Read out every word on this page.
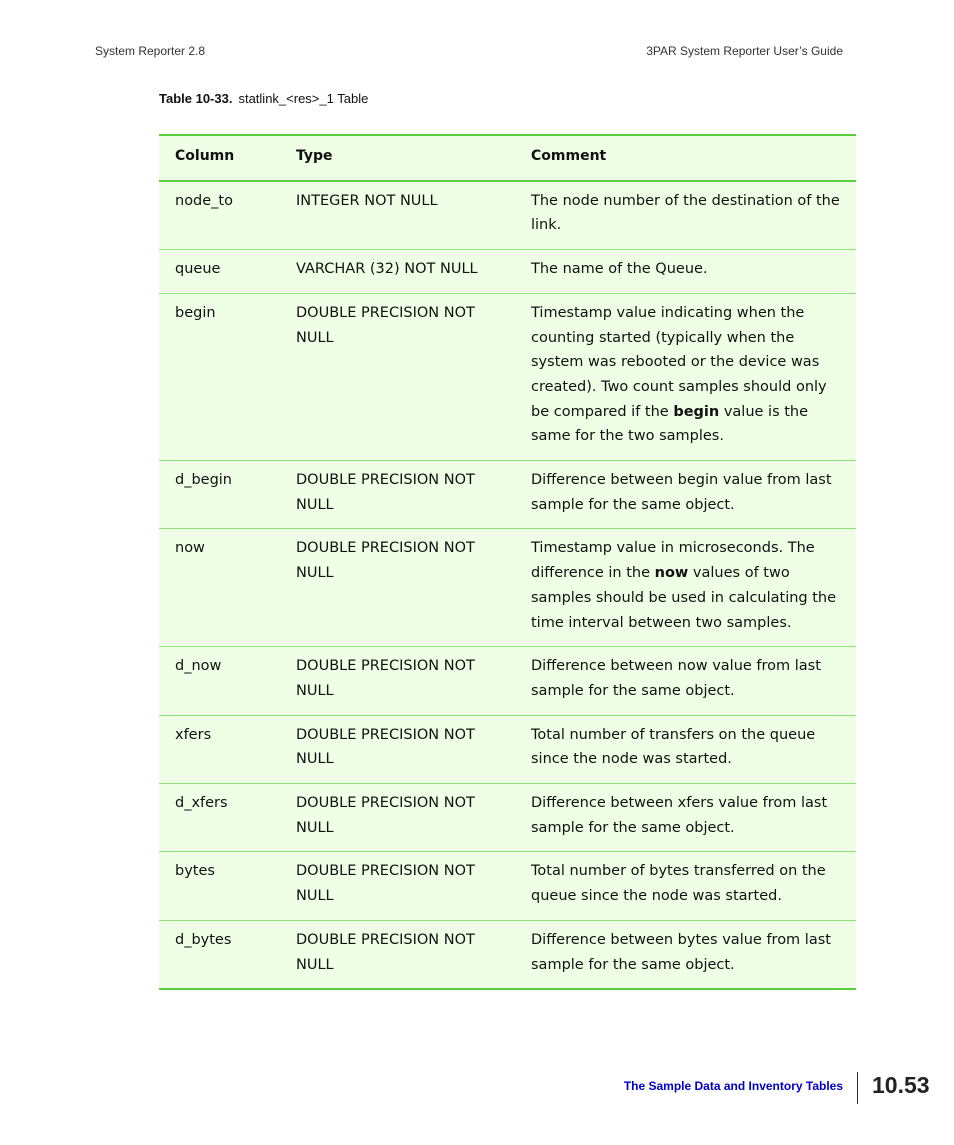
System Reporter 2.8	3PAR System Reporter User’s Guide
Table 10-33. statlink_<res>_1 Table
Column	Type	Comment
node_to	INTEGER NOT NULL	The node number of the destination of the link.
queue	VARCHAR (32) NOT NULL	The name of the Queue.
begin	DOUBLE PRECISION NOT NULL	Timestamp value indicating when the counting started (typically when the system was rebooted or the device was created). Two count samples should only be compared if the begin value is the same for the two samples.
d_begin	DOUBLE PRECISION NOT NULL	Difference between begin value from last sample for the same object.
now	DOUBLE PRECISION NOT NULL	Timestamp value in microseconds. The difference in the now values of two samples should be used in calculating the time interval between two samples.
d_now	DOUBLE PRECISION NOT NULL	Difference between now value from last sample for the same object.
xfers	DOUBLE PRECISION NOT NULL	Total number of transfers on the queue since the node was started.
d_xfers	DOUBLE PRECISION NOT NULL	Difference between xfers value from last sample for the same object.
bytes	DOUBLE PRECISION NOT NULL	Total number of bytes transferred on the queue since the node was started.
d_bytes	DOUBLE PRECISION NOT NULL	Difference between bytes value from last sample for the same object.
The Sample Data and Inventory Tables 10.53
